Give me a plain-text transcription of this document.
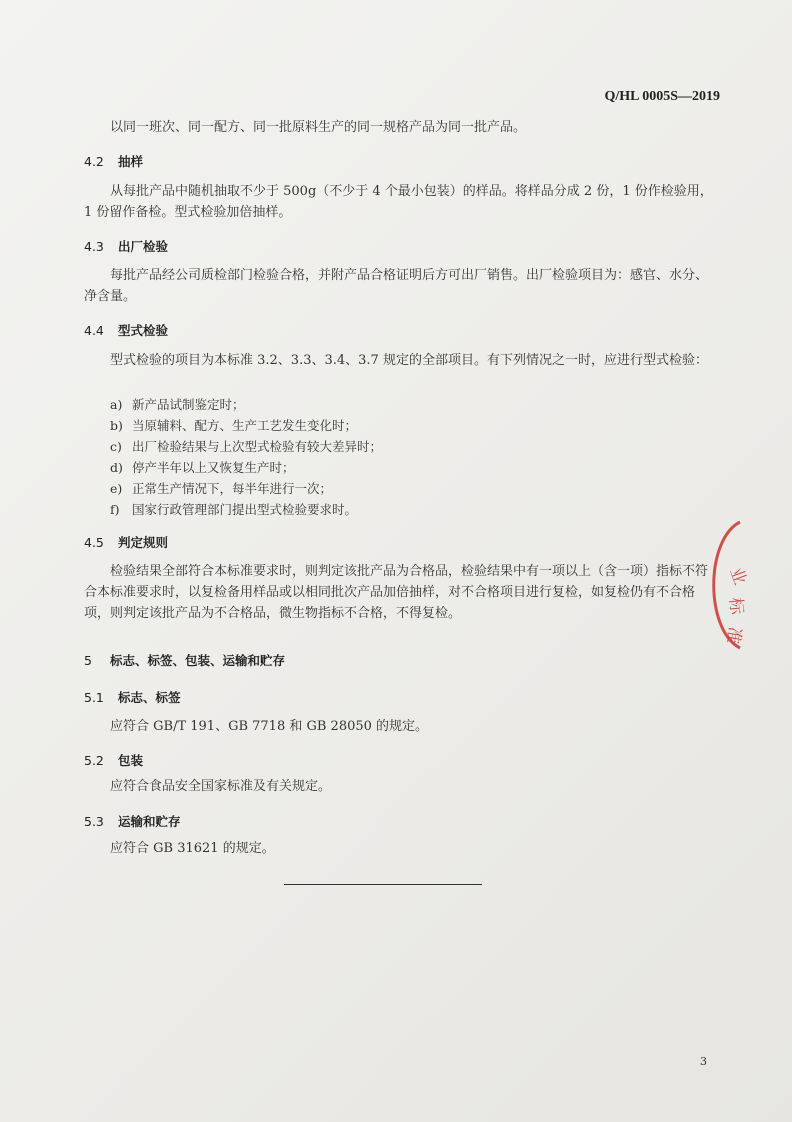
Q/HL 0005S—2019
以同一班次、同一配方、同一批原料生产的同一规格产品为同一批产品。
4.2 抽样
从每批产品中随机抽取不少于 500g（不少于 4 个最小包装）的样品。将样品分成 2 份，1 份作检验用，1 份留作备检。型式检验加倍抽样。
4.3 出厂检验
每批产品经公司质检部门检验合格，并附产品合格证明后方可出厂销售。出厂检验项目为：感官、水分、净含量。
4.4 型式检验
型式检验的项目为本标准 3.2、3.3、3.4、3.7 规定的全部项目。有下列情况之一时，应进行型式检验：
a) 新产品试制鉴定时；
b) 当原辅料、配方、生产工艺发生变化时；
c) 出厂检验结果与上次型式检验有较大差异时；
d) 停产半年以上又恢复生产时；
e) 正常生产情况下，每半年进行一次；
f) 国家行政管理部门提出型式检验要求时。
4.5 判定规则
检验结果全部符合本标准要求时，则判定该批产品为合格品，检验结果中有一项以上（含一项）指标不符合本标准要求时，以复检备用样品或以相同批次产品加倍抽样，对不合格项目进行复检，如复检仍有不合格项，则判定该批产品为不合格品，微生物指标不合格，不得复检。
5 标志、标签、包装、运输和贮存
5.1 标志、标签
应符合 GB/T 191、GB 7718 和 GB 28050 的规定。
5.2 包装
应符合食品安全国家标准及有关规定。
5.3 运输和贮存
应符合 GB 31621 的规定。
业
标
准
3
